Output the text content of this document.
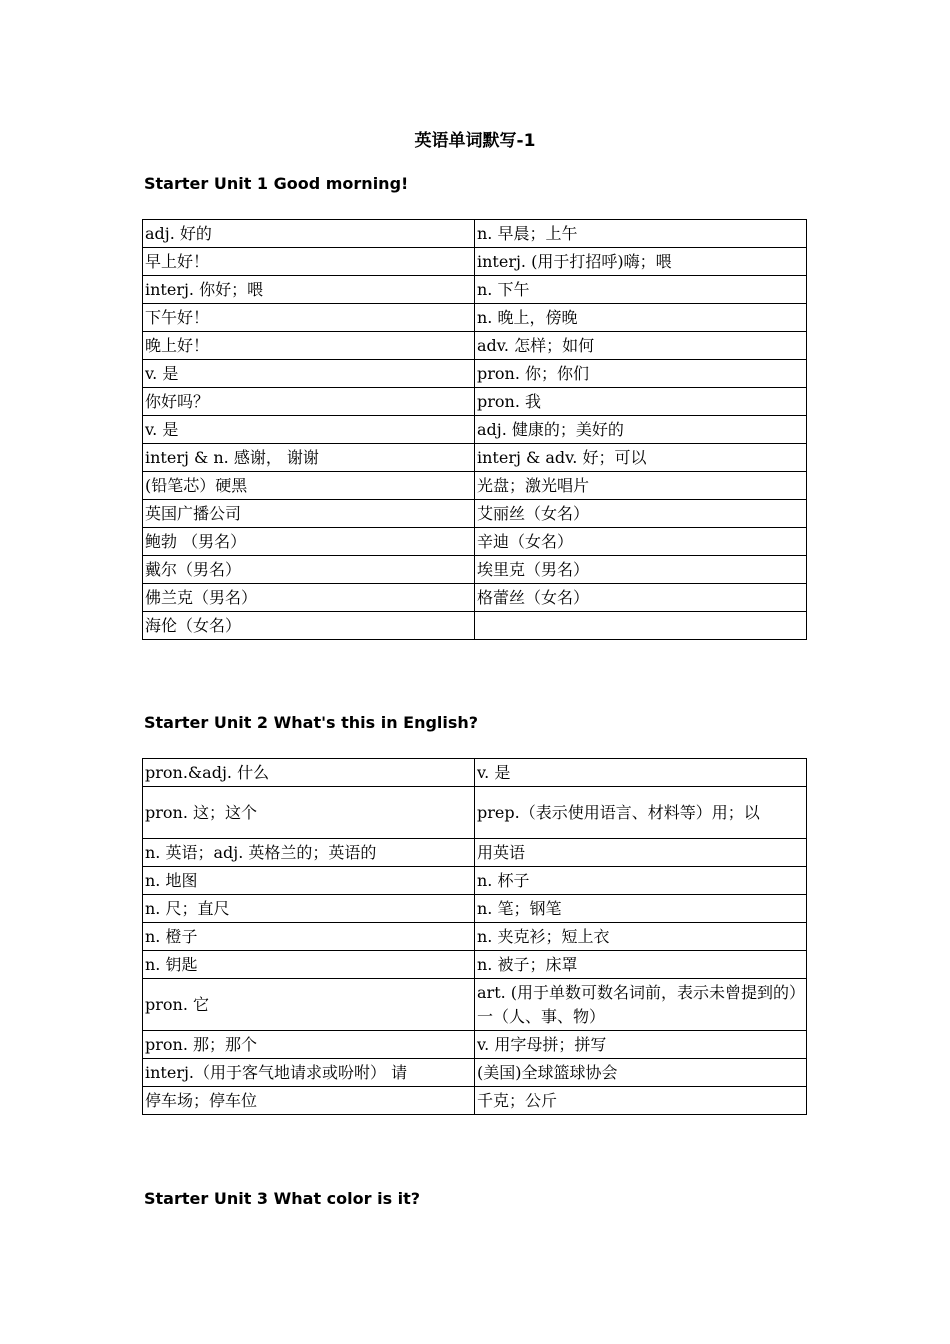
英语单词默写-1
Starter Unit 1 Good morning!
adj. 好的	n. 早晨；上午
早上好！	interj. (用于打招呼)嗨；喂
interj. 你好；喂	n. 下午
下午好！	n. 晚上，傍晚
晚上好！	adv. 怎样；如何
v. 是	pron. 你；你们
你好吗？	pron. 我
v. 是	adj. 健康的；美好的
interj & n. 感谢， 谢谢	interj & adv. 好；可以
(铅笔芯）硬黑	光盘；激光唱片
英国广播公司	艾丽丝（女名）
鲍勃 （男名）	辛迪（女名）
戴尔（男名）	埃里克（男名）
佛兰克（男名）	格蕾丝（女名）
海伦（女名）	
Starter Unit 2 What's this in English?
pron.&adj. 什么	v. 是
pron. 这；这个	prep.（表示使用语言、材料等）用；以
n. 英语；adj. 英格兰的；英语的	用英语
n. 地图	n. 杯子
n. 尺；直尺	n. 笔；钢笔
n. 橙子	n. 夹克衫；短上衣
n. 钥匙	n. 被子；床罩
pron. 它	art. (用于单数可数名词前，表示未曾提到的）一（人、事、物）
pron. 那；那个	v. 用字母拼；拼写
interj.（用于客气地请求或吩咐） 请	(美国)全球篮球协会
停车场；停车位	千克；公斤
Starter Unit 3 What color is it?
